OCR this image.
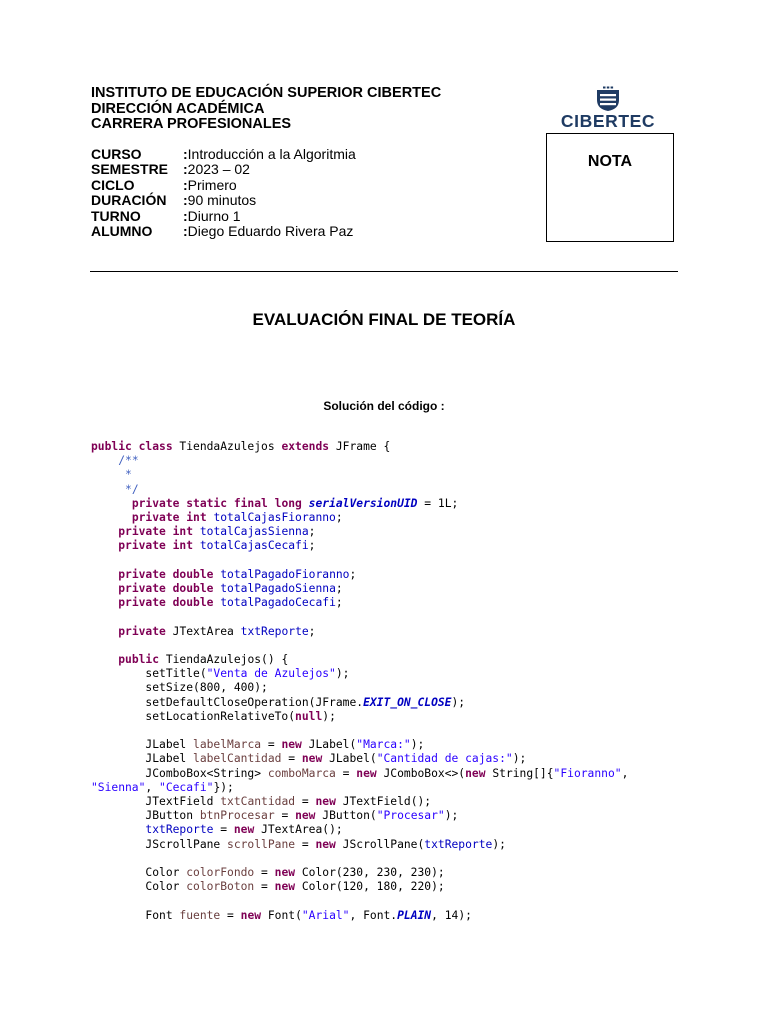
INSTITUTO DE EDUCACIÓN SUPERIOR CIBERTEC
DIRECCIÓN ACADÉMICA
CARRERA PROFESIONALES	CIBERTEC
NOTA
CURSO	: Introducción a la Algoritmia
SEMESTRE	: 2023 – 02
CICLO	: Primero
DURACIÓN	: 90 minutos
TURNO	: Diurno 1
ALUMNO	: Diego Eduardo Rivera Paz
EVALUACIÓN FINAL DE TEORÍA
Solución del código :
public class TiendaAzulejos extends JFrame {
/**
*
*/
private static final long serialVersionUID = 1L;
private int totalCajasFioranno;
private int totalCajasSienna;
private int totalCajasCecafi;

private double totalPagadoFioranno;
private double totalPagadoSienna;
private double totalPagadoCecafi;

private JTextArea txtReporte;

public TiendaAzulejos() {
setTitle("Venta de Azulejos");
setSize(800, 400);
setDefaultCloseOperation(JFrame.EXIT_ON_CLOSE);
setLocationRelativeTo(null);

JLabel labelMarca = new JLabel("Marca:");
JLabel labelCantidad = new JLabel("Cantidad de cajas:");
JComboBox<String> comboMarca = new JComboBox<>(new String[]{"Fioranno",
"Sienna", "Cecafi"});
JTextField txtCantidad = new JTextField();
JButton btnProcesar = new JButton("Procesar");
txtReporte = new JTextArea();
JScrollPane scrollPane = new JScrollPane(txtReporte);

Color colorFondo = new Color(230, 230, 230);
Color colorBoton = new Color(120, 180, 220);

Font fuente = new Font("Arial", Font.PLAIN, 14);
